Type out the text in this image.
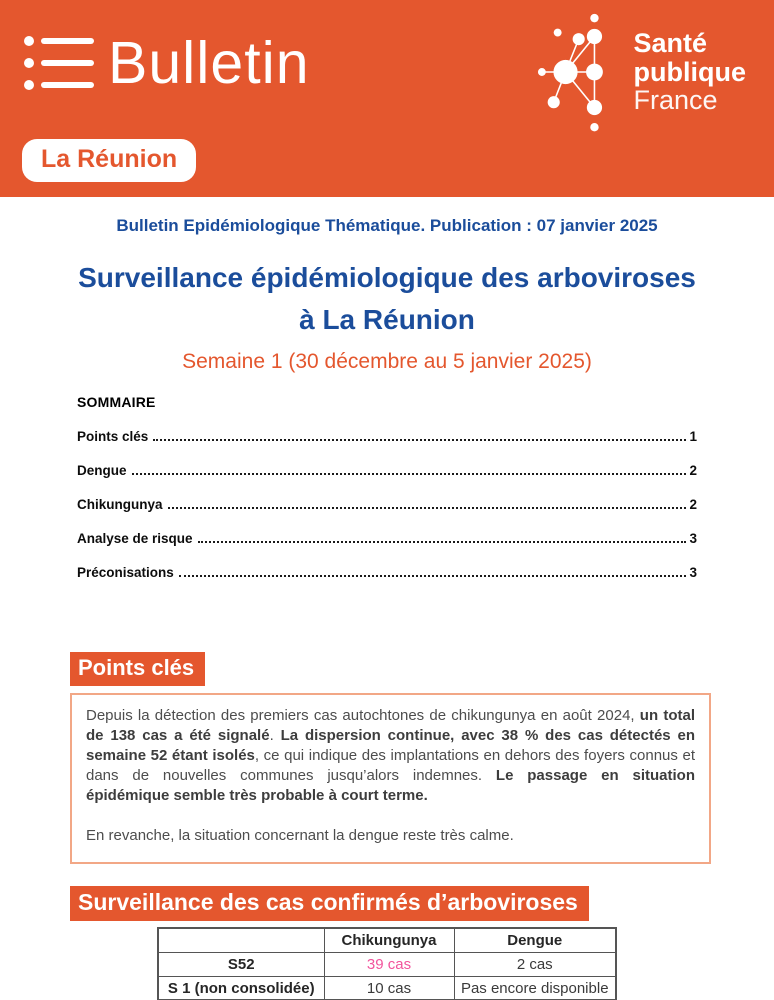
Bulletin	Santé
publique
France
La Réunion
Bulletin Epidémiologique Thématique. Publication : 07 janvier 2025
Surveillance épidémiologique des arboviroses
à La Réunion
Semaine 1 (30 décembre au 5 janvier 2025)
SOMMAIRE
Points clés	1
Dengue	2
Chikungunya	2
Analyse de risque	3
Préconisations	3
Points clés

Depuis la détection des premiers cas autochtones de chikungunya en août 2024, un total de 138 cas a été signalé. La dispersion continue, avec 38 % des cas détectés en semaine 52 étant isolés, ce qui indique des implantations en dehors des foyers connus et dans de nouvelles communes jusqu’alors indemnes. Le passage en situation épidémique semble très probable à court terme.

En revanche, la situation concernant la dengue reste très calme.

Surveillance des cas confirmés d’arboviroses
	Chikungunya	Dengue
S52	39 cas	2 cas
S 1 (non consolidée)	10 cas	Pas encore disponible
